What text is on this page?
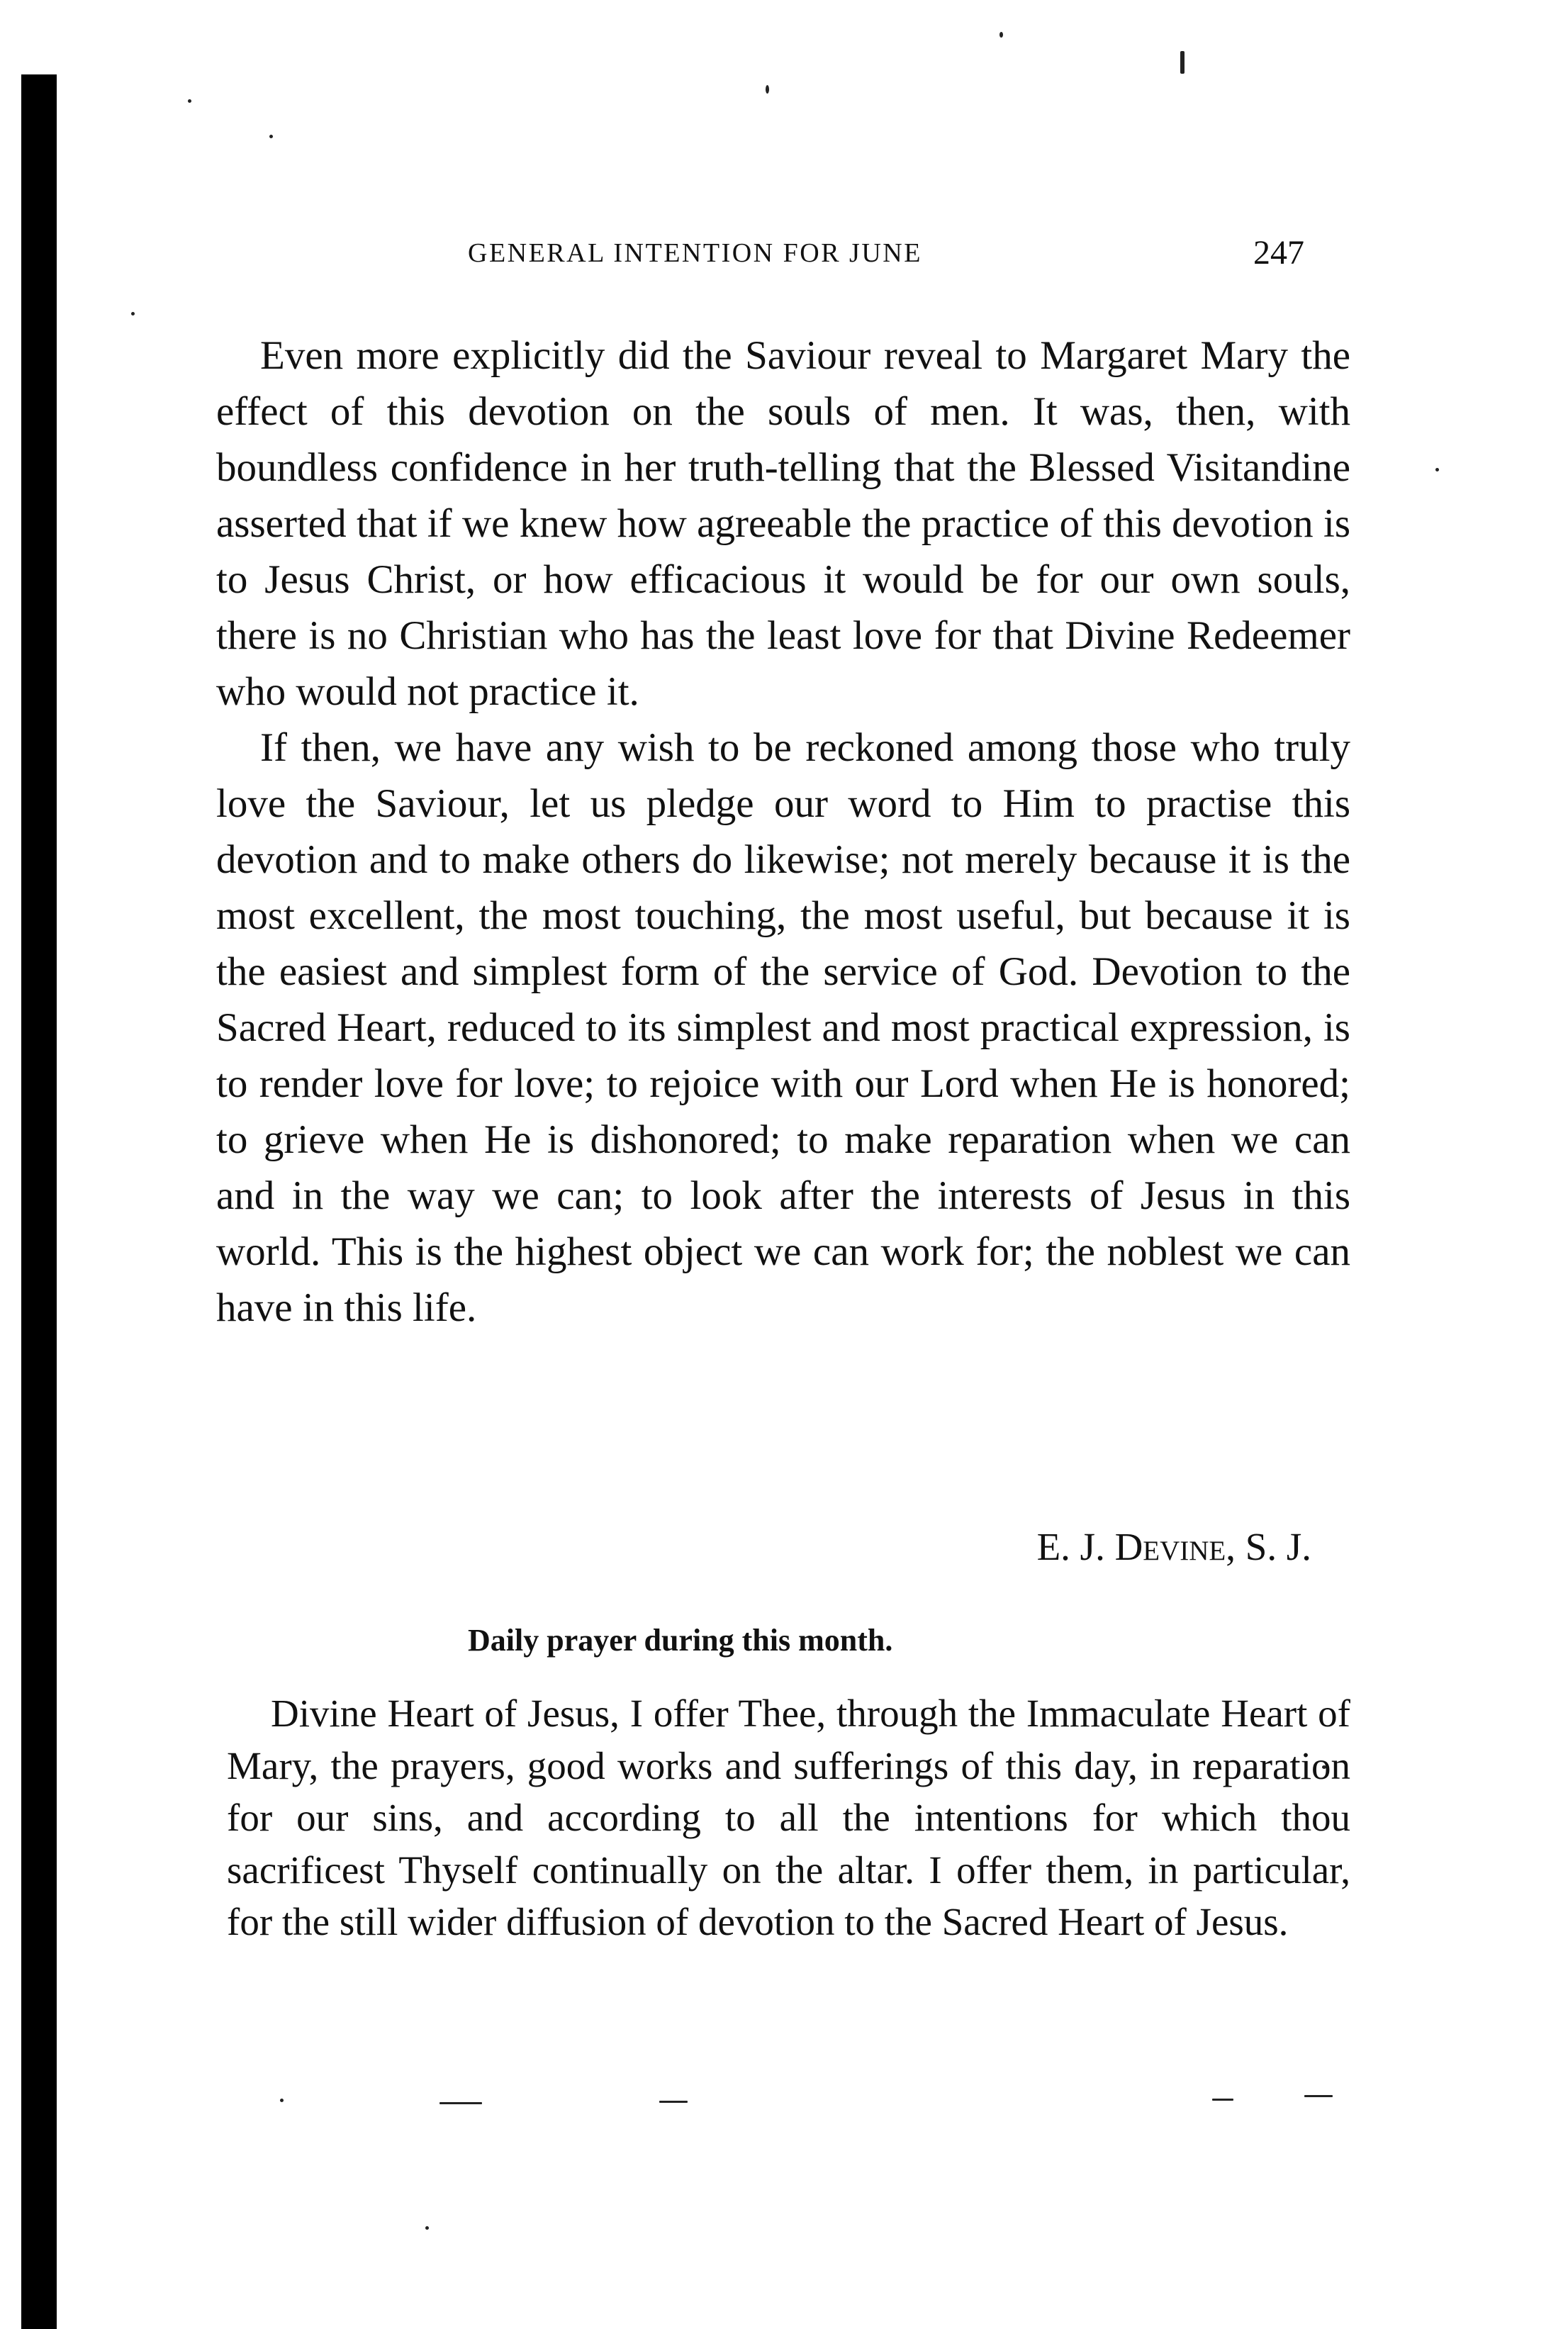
GENERAL INTENTION FOR JUNE	247

Even more explicitly did the Saviour reveal to Margaret Mary the effect of this devotion on the souls of men. It was, then, with boundless confidence in her truth-telling that the Blessed Visitandine asserted that if we knew how agreeable the practice of this devotion is to Jesus Christ, or how efficacious it would be for our own souls, there is no Christian who has the least love for that Divine Redeemer who would not practice it.

If then, we have any wish to be reckoned among those who truly love the Saviour, let us pledge our word to Him to practise this devotion and to make others do likewise; not merely because it is the most excellent, the most touching, the most useful, but because it is the easiest and simplest form of the service of God. Devotion to the Sacred Heart, reduced to its simplest and most practical expression, is to render love for love; to rejoice with our Lord when He is honored; to grieve when He is dishonored; to make reparation when we can and in the way we can; to look after the interests of Jesus in this world. This is the highest object we can work for; the noblest we can have in this life.

E. J. Devine, S. J.
Daily prayer during this month.

Divine Heart of Jesus, I offer Thee, through the Immaculate Heart of Mary, the prayers, good works and sufferings of this day, in reparation for our sins, and according to all the intentions for which thou sacrificest Thyself continually on the altar. I offer them, in particular, for the still wider diffusion of devotion to the Sacred Heart of Jesus.
